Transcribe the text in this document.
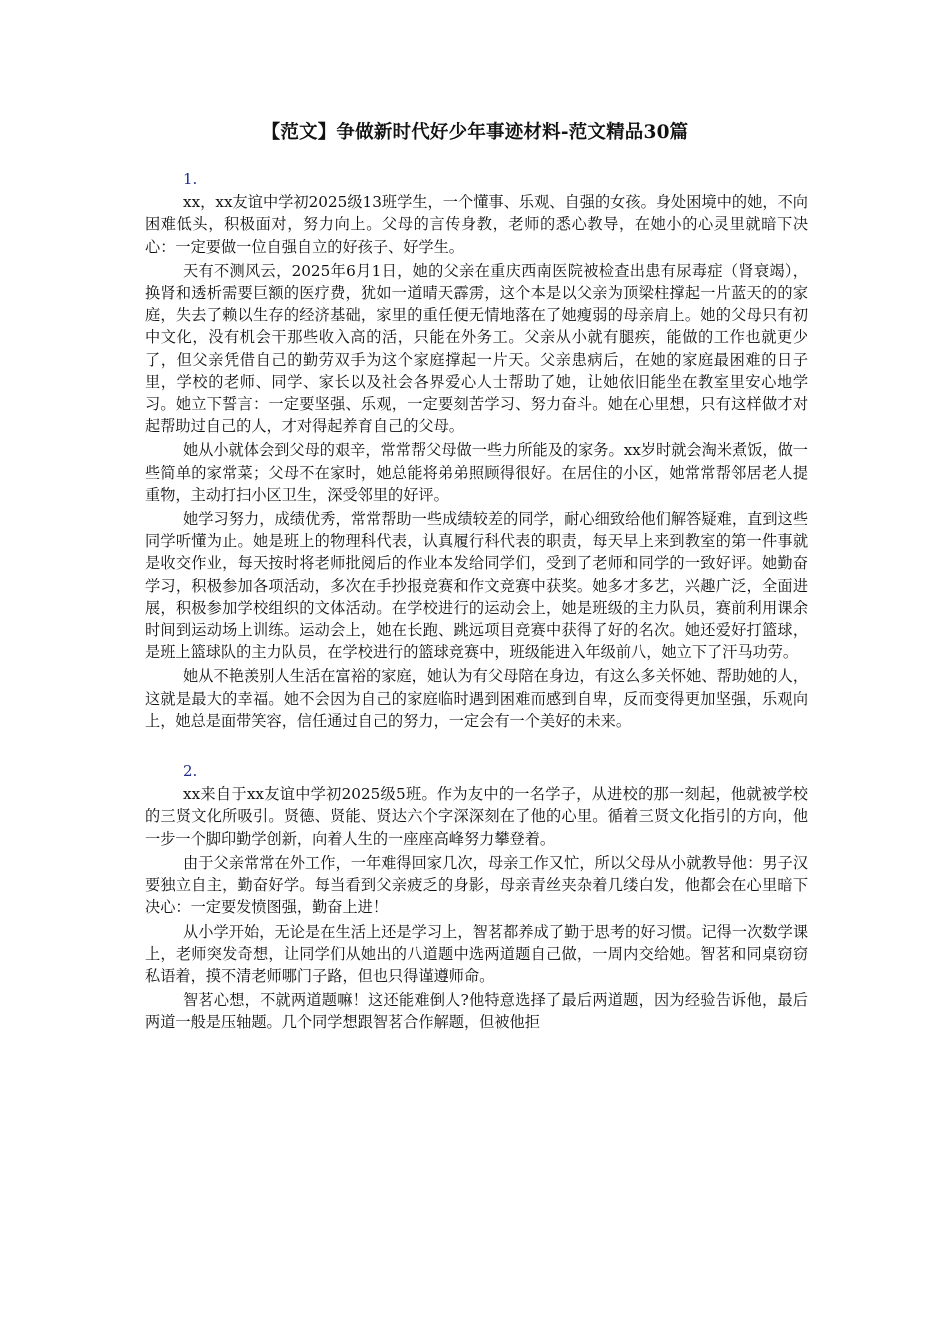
【范文】争做新时代好少年事迹材料-范文精品30篇

1.

xx，xx友谊中学初2025级13班学生，一个懂事、乐观、自强的女孩。身处困境中的她，不向困难低头，积极面对，努力向上。父母的言传身教，老师的悉心教导，在她小的心灵里就暗下决心：一定要做一位自强自立的好孩子、好学生。

天有不测风云，2025年6月1日，她的父亲在重庆西南医院被检查出患有尿毒症（肾衰竭），换肾和透析需要巨额的医疗费，犹如一道晴天霹雳，这个本是以父亲为顶梁柱撑起一片蓝天的的家庭，失去了赖以生存的经济基础，家里的重任便无情地落在了她瘦弱的母亲肩上。她的父母只有初中文化，没有机会干那些收入高的活，只能在外务工。父亲从小就有腿疾，能做的工作也就更少了，但父亲凭借自己的勤劳双手为这个家庭撑起一片天。父亲患病后，在她的家庭最困难的日子里，学校的老师、同学、家长以及社会各界爱心人士帮助了她，让她依旧能坐在教室里安心地学习。她立下誓言：一定要坚强、乐观，一定要刻苦学习、努力奋斗。她在心里想，只有这样做才对起帮助过自己的人，才对得起养育自己的父母。

她从小就体会到父母的艰辛，常常帮父母做一些力所能及的家务。xx岁时就会淘米煮饭，做一些简单的家常菜；父母不在家时，她总能将弟弟照顾得很好。在居住的小区，她常常帮邻居老人提重物，主动打扫小区卫生，深受邻里的好评。

她学习努力，成绩优秀，常常帮助一些成绩较差的同学，耐心细致给他们解答疑难，直到这些同学听懂为止。她是班上的物理科代表，认真履行科代表的职责，每天早上来到教室的第一件事就是收交作业，每天按时将老师批阅后的作业本发给同学们，受到了老师和同学的一致好评。她勤奋学习，积极参加各项活动，多次在手抄报竞赛和作文竞赛中获奖。她多才多艺，兴趣广泛，全面进展，积极参加学校组织的文体活动。在学校进行的运动会上，她是班级的主力队员，赛前利用课余时间到运动场上训练。运动会上，她在长跑、跳远项目竞赛中获得了好的名次。她还爱好打篮球，是班上篮球队的主力队员，在学校进行的篮球竞赛中，班级能进入年级前八，她立下了汗马功劳。

她从不艳羡别人生活在富裕的家庭，她认为有父母陪在身边，有这么多关怀她、帮助她的人，这就是最大的幸福。她不会因为自己的家庭临时遇到困难而感到自卑，反而变得更加坚强，乐观向上，她总是面带笑容，信任通过自己的努力，一定会有一个美好的未来。

2.

xx来自于xx友谊中学初2025级5班。作为友中的一名学子，从进校的那一刻起，他就被学校的三贤文化所吸引。贤德、贤能、贤达六个字深深刻在了他的心里。循着三贤文化指引的方向，他一步一个脚印勤学创新，向着人生的一座座高峰努力攀登着。

由于父亲常常在外工作，一年难得回家几次，母亲工作又忙，所以父母从小就教导他：男子汉要独立自主，勤奋好学。每当看到父亲疲乏的身影，母亲青丝夹杂着几缕白发，他都会在心里暗下决心：一定要发愤图强，勤奋上进！

从小学开始，无论是在生活上还是学习上，智茗都养成了勤于思考的好习惯。记得一次数学课上，老师突发奇想，让同学们从她出的八道题中选两道题自己做，一周内交给她。智茗和同桌窃窃私语着，摸不清老师哪门子路，但也只得谨遵师命。

智茗心想，不就两道题嘛！这还能难倒人?他特意选择了最后两道题，因为经验告诉他，最后两道一般是压轴题。几个同学想跟智茗合作解题，但被他拒
